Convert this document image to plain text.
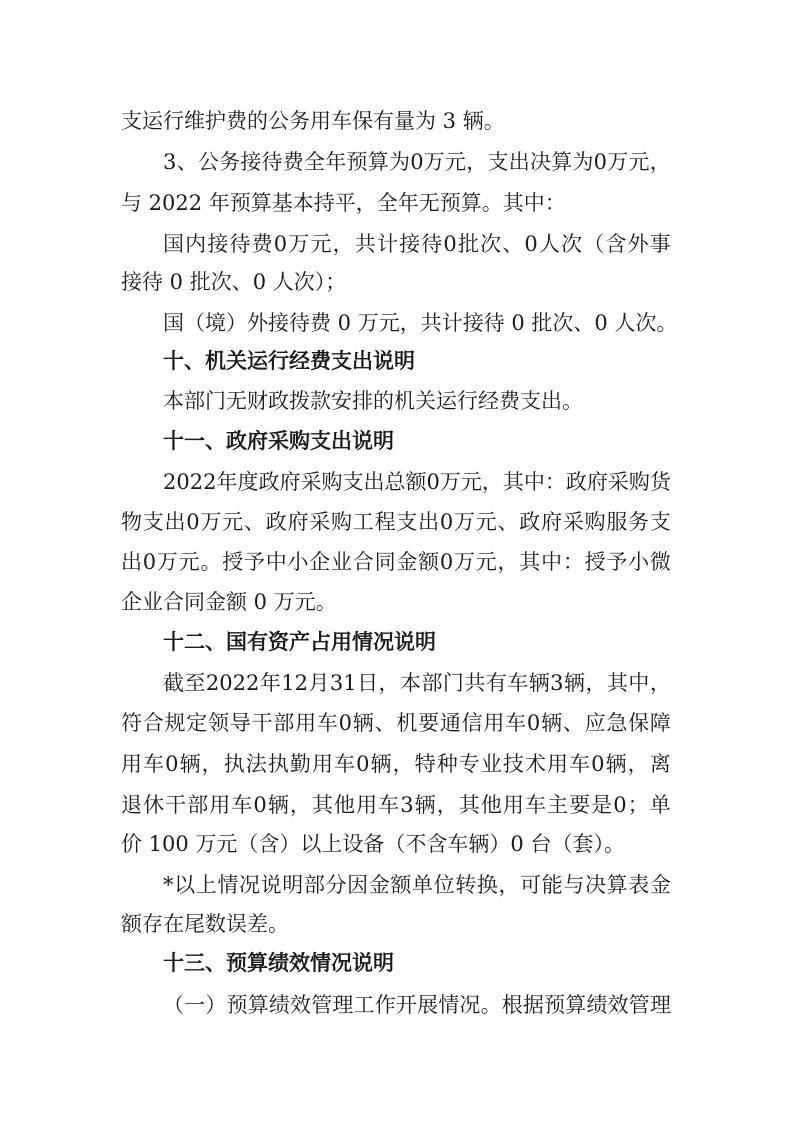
支运行维护费的公务用车保有量为 3 辆。
3 、 公 务 接 待 费 全 年 预 算 为 0 万 元 ， 支 出 决 算 为 0 万 元 ，
与 2022 年预算基本持平，全年无预算。其中：
国 内 接 待 费 0 万 元 ， 共 计 接 待 0 批 次 、 0 人 次 （ 含 外 事
接待 0 批次、0 人次）；
国（境）外接待费 0 万元，共计接待 0 批次、0 人次。
十、机关运行经费支出说明
本部门无财政拨款安排的机关运行经费支出。
十一、政府采购支出说明
2022 年 度 政 府 采 购 支 出 总 额 0 万 元 ， 其 中 ： 政 府 采 购 货
物 支 出 0 万 元 、 政 府 采 购 工 程 支 出 0 万 元 、 政 府 采 购 服 务 支
出 0 万 元 。 授 予 中 小 企 业 合 同 金 额 0 万 元 ， 其 中 ： 授 予 小 微
企业合同金额 0 万元。
十二、国有资产占用情况说明
截 至 2022 年 12 月 31 日 ， 本 部 门 共 有 车 辆 3 辆 ， 其 中 ，
符 合 规 定 领 导 干 部 用 车 0 辆 、 机 要 通 信 用 车 0 辆 、 应 急 保 障
用 车 0 辆 ， 执 法 执 勤 用 车 0 辆 ， 特 种 专 业 技 术 用 车 0 辆 ， 离
退 休 干 部 用 车 0 辆 ， 其 他 用 车 3 辆 ， 其 他 用 车 主 要 是 0 ； 单
价 100 万元（含）以上设备（不含车辆）0 台（套）。
* 以 上 情 况 说 明 部 分 因 金 额 单 位 转 换 ， 可 能 与 决 算 表 金
额存在尾数误差。
十三、预算绩效情况说明
（ 一 ） 预 算 绩 效 管 理 工 作 开 展 情 况 。 根 据 预 算 绩 效 管 理
